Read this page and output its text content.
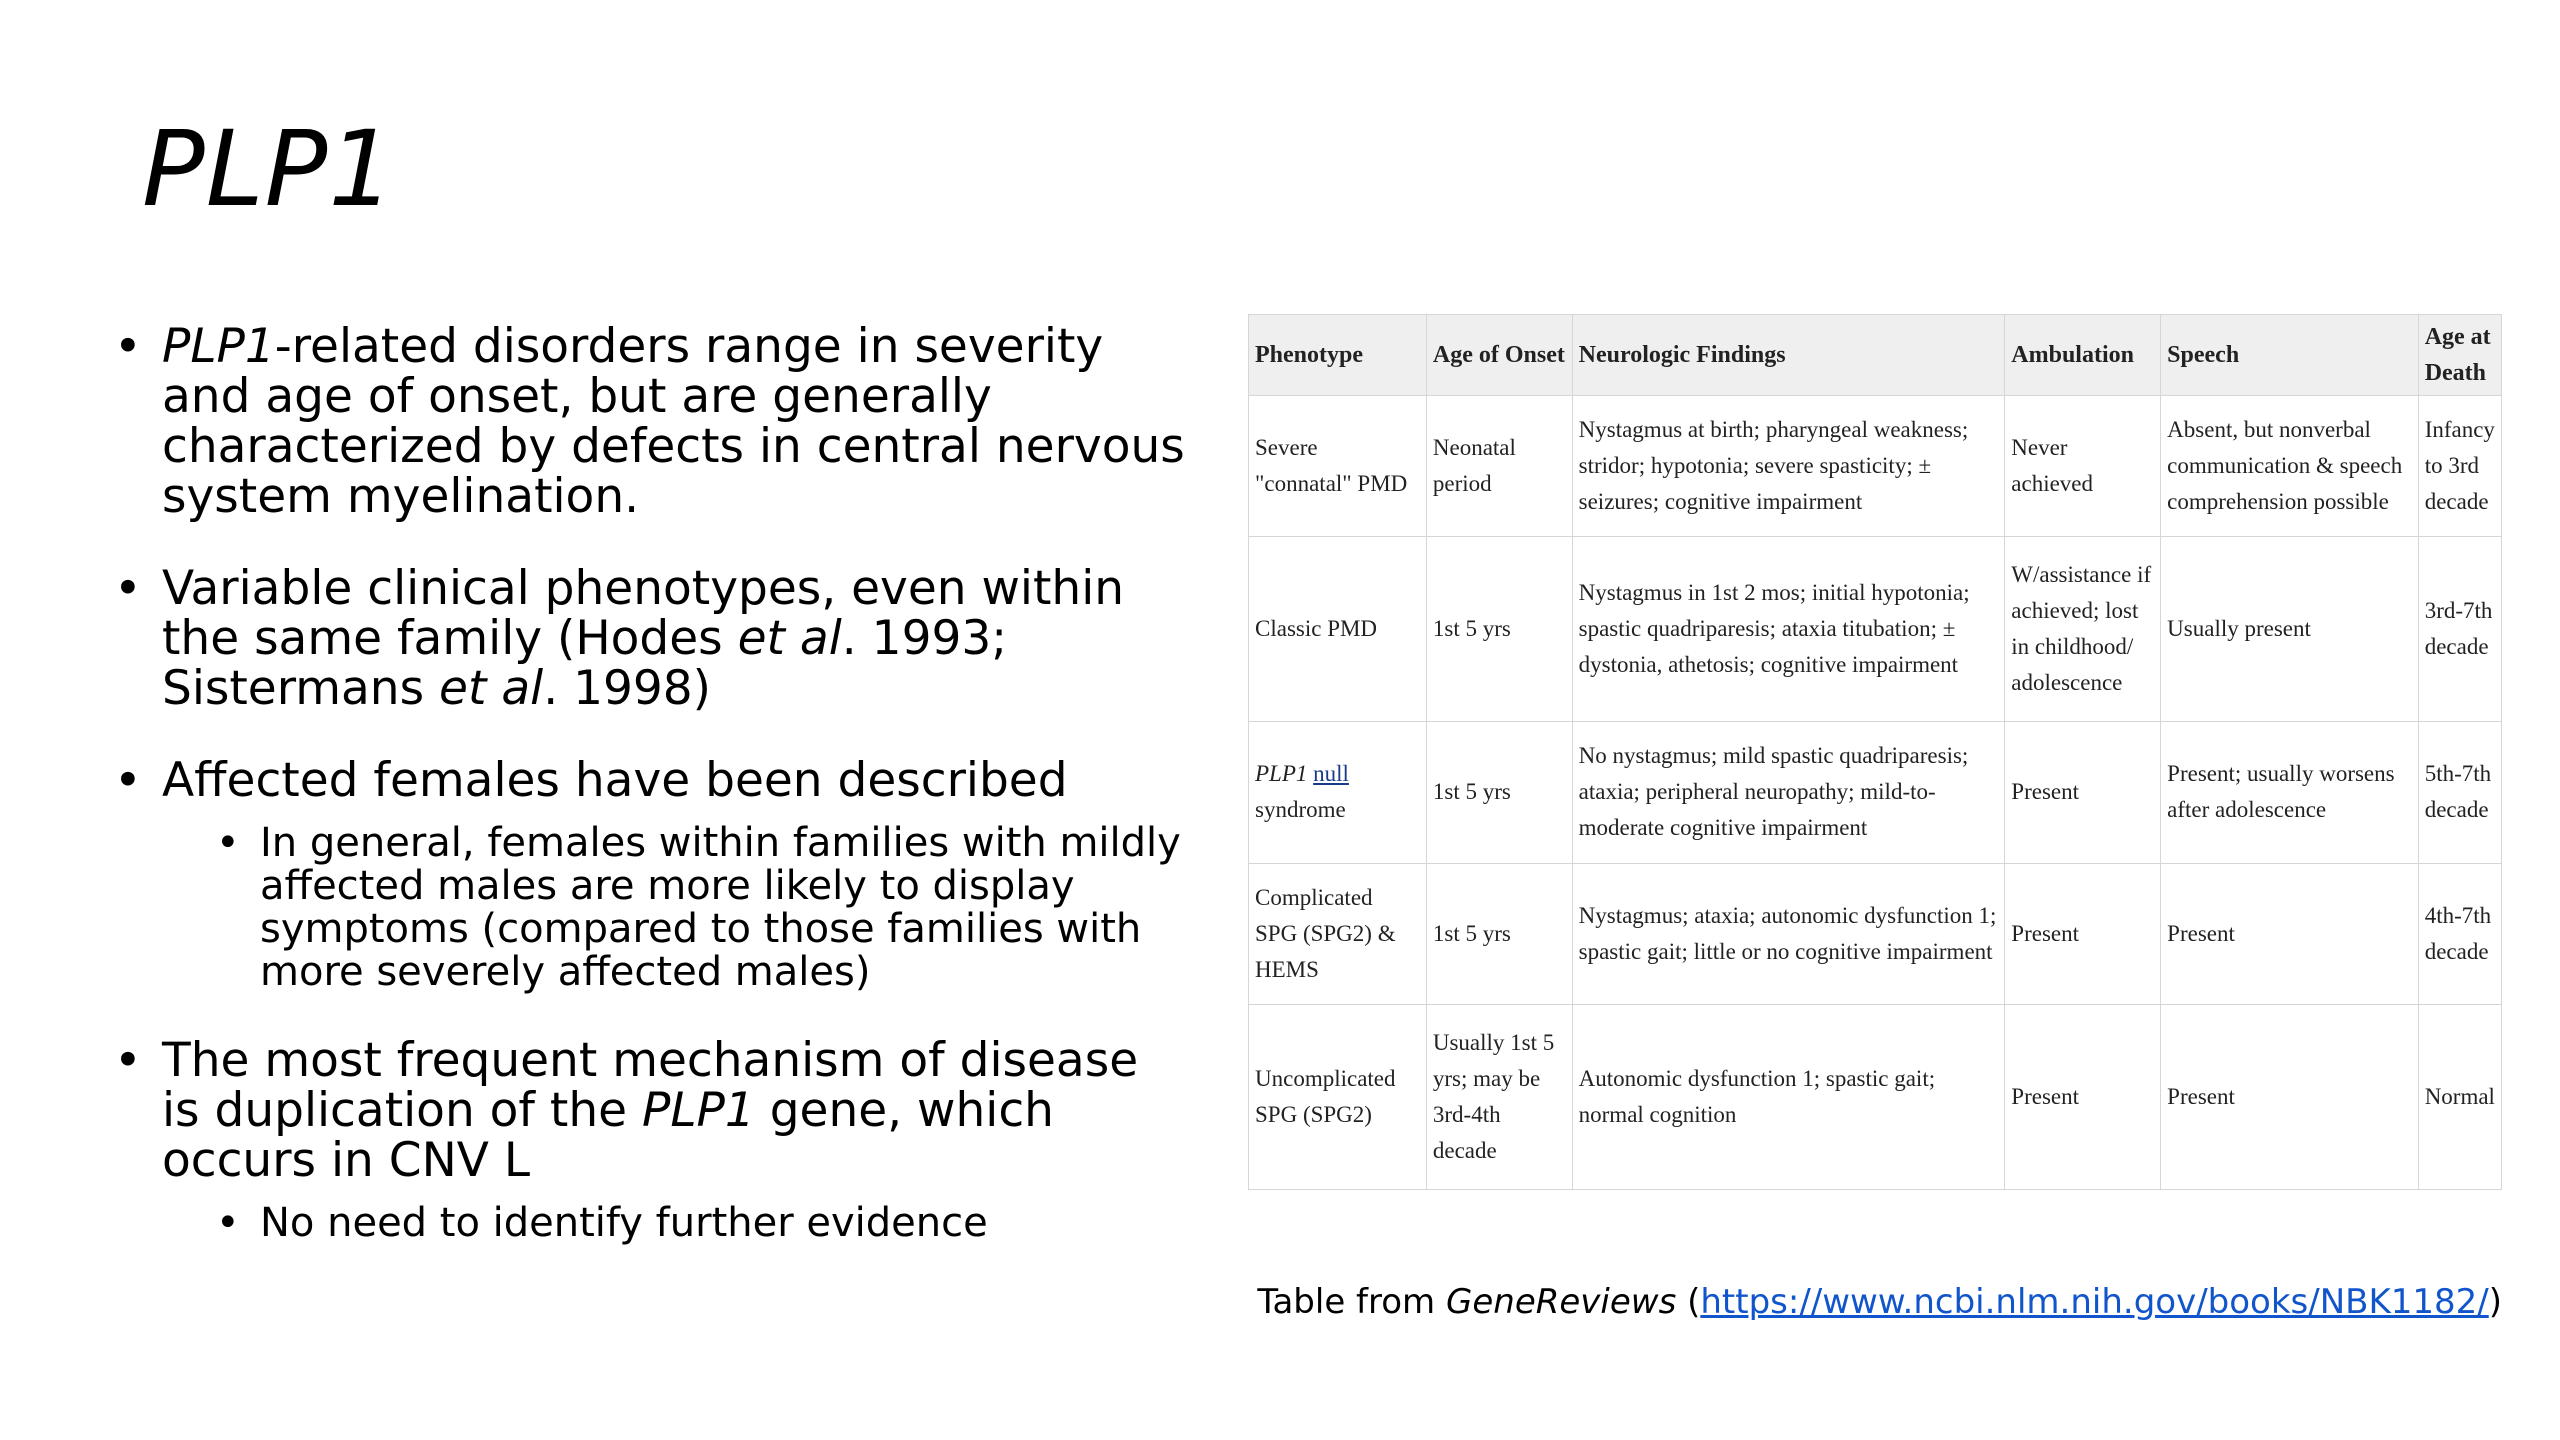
PLP1
• PLP1-related disorders range in severity and age of onset, but are generally characterized by defects in central nervous system myelination.
• Variable clinical phenotypes, even within the same family (Hodes et al. 1993; Sistermans et al. 1998)
• Affected females have been described
• In general, females within families with mildly affected males are more likely to display symptoms (compared to those families with more severely affected males)
• The most frequent mechanism of disease is duplication of the PLP1 gene, which occurs in CNV L
• No need to identify further evidence
Phenotype	Age of Onset	Neurologic Findings	Ambulation	Speech	Age at Death
Severe "connatal" PMD	Neonatal period	Nystagmus at birth; pharyngeal weakness; stridor; hypotonia; severe spasticity; ± seizures; cognitive impairment	Never achieved	Absent, but nonverbal communication & speech comprehension possible	Infancy to 3rd decade
Classic PMD	1st 5 yrs	Nystagmus in 1st 2 mos; initial hypotonia; spastic quadriparesis; ataxia titubation; ± dystonia, athetosis; cognitive impairment	W/assistance if achieved; lost in childhood/ adolescence	Usually present	3rd-7th decade
PLP1 null
syndrome	1st 5 yrs	No nystagmus; mild spastic quadriparesis; ataxia; peripheral neuropathy; mild-to-moderate cognitive impairment	Present	Present; usually worsens after adolescence	5th-7th decade
Complicated SPG (SPG2) & HEMS	1st 5 yrs	Nystagmus; ataxia; autonomic dysfunction 1; spastic gait; little or no cognitive impairment	Present	Present	4th-7th decade
Uncomplicated SPG (SPG2)	Usually 1st 5 yrs; may be 3rd-4th decade	Autonomic dysfunction 1; spastic gait; normal cognition	Present	Present	Normal
Table from GeneReviews (https://www.ncbi.nlm.nih.gov/books/NBK1182/)
